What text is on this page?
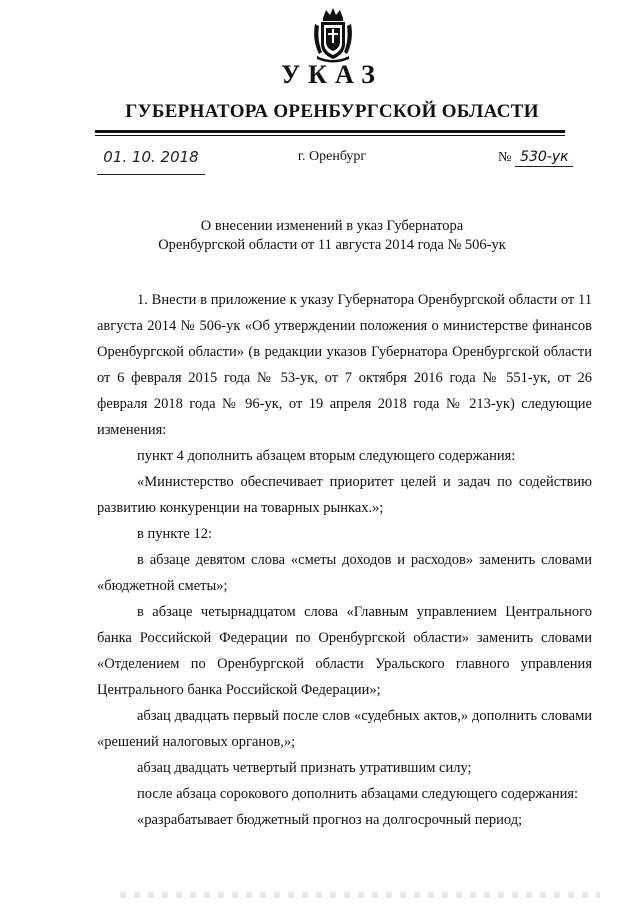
УКАЗ
ГУБЕРНАТОРА ОРЕНБУРГСКОЙ ОБЛАСТИ
01. 10. 2018	г. Оренбург	№ 530-ук
О внесении изменений в указ Губернатора
Оренбургской области от 11 августа 2014 года № 506-ук

1. Внести в приложение к указу Губернатора Оренбургской области от 11 августа 2014 № 506-ук «Об утверждении положения о министерстве финансов Оренбургской области» (в редакции указов Губернатора Оренбургской области от 6 февраля 2015 года № 53-ук, от 7 октября 2016 года № 551-ук, от 26 февраля 2018 года № 96-ук, от 19 апреля 2018 года № 213-ук) следующие изменения:

пункт 4 дополнить абзацем вторым следующего содержания:

«Министерство обеспечивает приоритет целей и задач по содействию развитию конкуренции на товарных рынках.»;

в пункте 12:

в абзаце девятом слова «сметы доходов и расходов» заменить словами «бюджетной сметы»;

в абзаце четырнадцатом слова «Главным управлением Центрального банка Российской Федерации по Оренбургской области» заменить словами «Отделением по Оренбургской области Уральского главного управления Центрального банка Российской Федерации»;

абзац двадцать первый после слов «судебных актов,» дополнить словами «решений налоговых органов,»;

абзац двадцать четвертый признать утратившим силу;

после абзаца сорокового дополнить абзацами следующего содержания:

«разрабатывает бюджетный прогноз на долгосрочный период;
